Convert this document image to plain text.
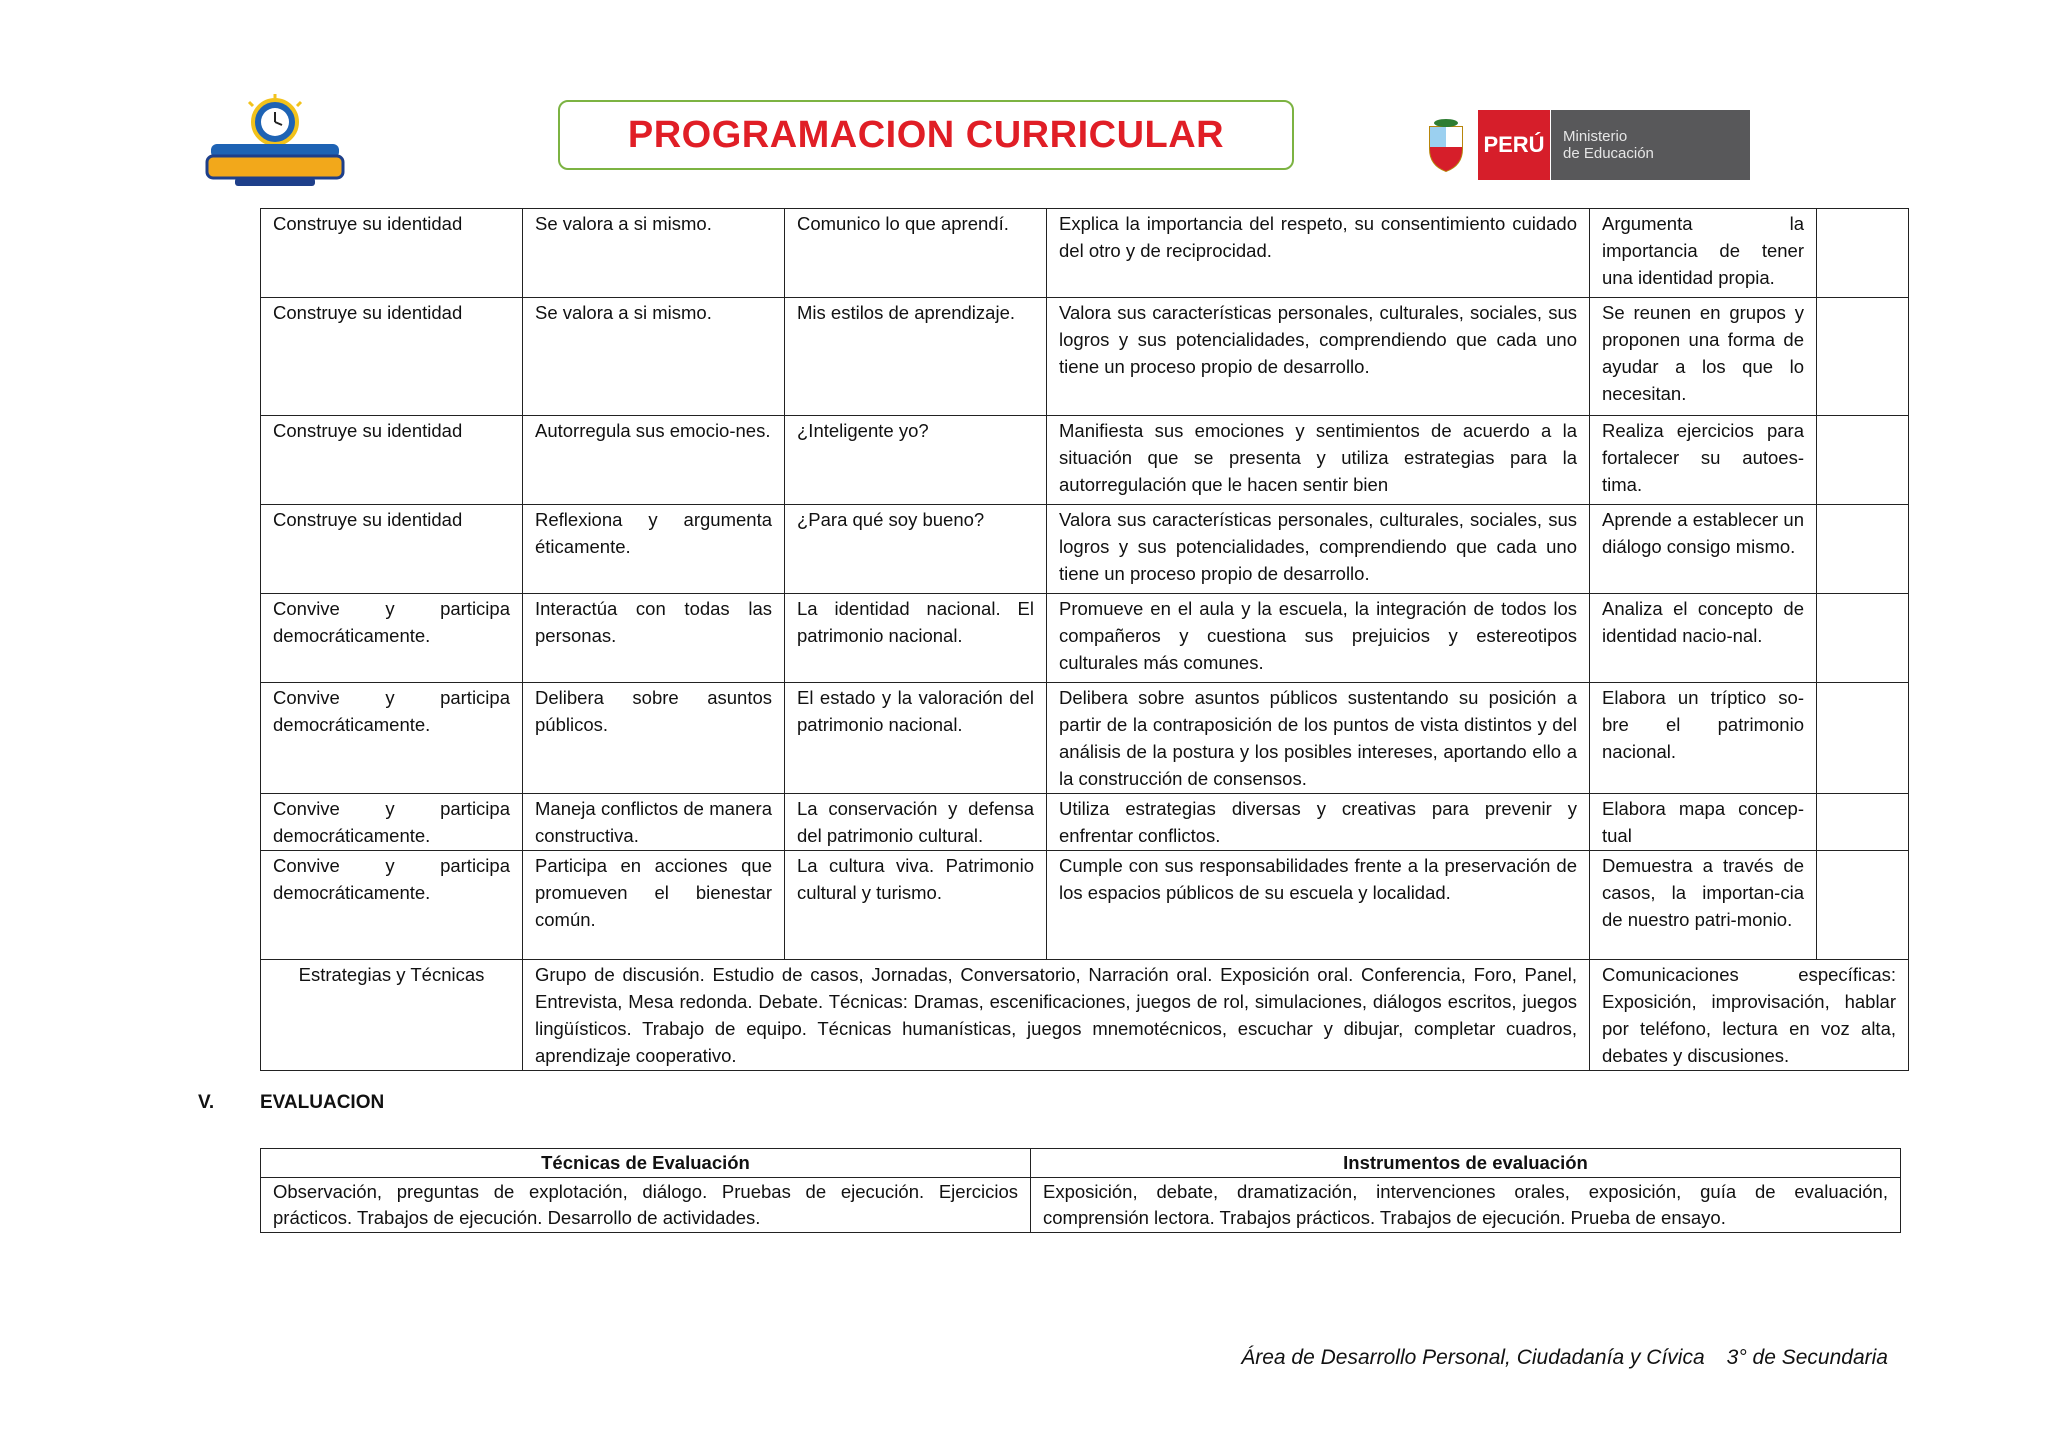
PROGRAMACION CURRICULAR	PERÚ	Ministerio
de Educación
Construye su identidad	Se valora a si mismo.	Comunico lo que aprendí.	Explica la importancia del respeto, su consentimiento cuidado del otro y de reciprocidad.	Argumenta la importancia de tener una identidad propia.	
Construye su identidad	Se valora a si mismo.	Mis estilos de aprendizaje.	Valora sus características personales, culturales, sociales, sus logros y sus potencialidades, comprendiendo que cada uno tiene un proceso propio de desarrollo.	Se reunen en grupos y proponen una forma de ayudar a los que lo necesitan.	
Construye su identidad	Autorregula sus emocio-nes.	¿Inteligente yo?	Manifiesta sus emociones y sentimientos de acuerdo a la situación que se presenta y utiliza estrategias para la autorregulación que le hacen sentir bien	Realiza ejercicios para fortalecer su autoes-tima.	
Construye su identidad	Reflexiona y argumenta éticamente.	¿Para qué soy bueno?	Valora sus características personales, culturales, sociales, sus logros y sus potencialidades, comprendiendo que cada uno tiene un proceso propio de desarrollo.	Aprende a establecer un diálogo consigo mismo.	
Convive y participa democráticamente.	Interactúa con todas las personas.	La identidad nacional. El patrimonio nacional.	Promueve en el aula y la escuela, la integración de todos los compañeros y cuestiona sus prejuicios y estereotipos culturales más comunes.	Analiza el concepto de identidad nacio-nal.	
Convive y participa democráticamente.	Delibera sobre asuntos públicos.	El estado y la valoración del patrimonio nacional.	Delibera sobre asuntos públicos sustentando su posición a partir de la contraposición de los puntos de vista distintos y del análisis de la postura y los posibles intereses, aportando ello a la construcción de consensos.	Elabora un tríptico so-bre el patrimonio nacional.	
Convive y participa democráticamente.	Maneja conflictos de manera constructiva.	La conservación y defensa del patrimonio cultural.	Utiliza estrategias diversas y creativas para prevenir y enfrentar conflictos.	Elabora mapa concep-tual	
Convive y participa democráticamente.	Participa en acciones que promueven el bienestar común.	La cultura viva. Patrimonio cultural y turismo.	Cumple con sus responsabilidades frente a la preservación de los espacios públicos de su escuela y localidad.	Demuestra a través de casos, la importan-cia de nuestro patri-monio.	
Estrategias y Técnicas	Grupo de discusión. Estudio de casos, Jornadas, Conversatorio, Narración oral. Exposición oral. Conferencia, Foro, Panel, Entrevista, Mesa redonda. Debate. Técnicas: Dramas, escenificaciones, juegos de rol, simulaciones, diálogos escritos, juegos lingüísticos. Trabajo de equipo. Técnicas humanísticas, juegos mnemotécnicos, escuchar y dibujar, completar cuadros, aprendizaje cooperativo.			Comunicaciones específicas: Exposición, improvisación, hablar por teléfono, lectura en voz alta, debates y discusiones.	
V.	EVALUACION
Técnicas de Evaluación	Instrumentos de evaluación
Observación, preguntas de explotación, diálogo. Pruebas de ejecución. Ejercicios prácticos. Trabajos de ejecución. Desarrollo de actividades.	Exposición, debate, dramatización, intervenciones orales, exposición, guía de evaluación, comprensión lectora. Trabajos prácticos. Trabajos de ejecución. Prueba de ensayo.
Área de Desarrollo Personal, Ciudadanía y Cívica 3° de Secundaria
